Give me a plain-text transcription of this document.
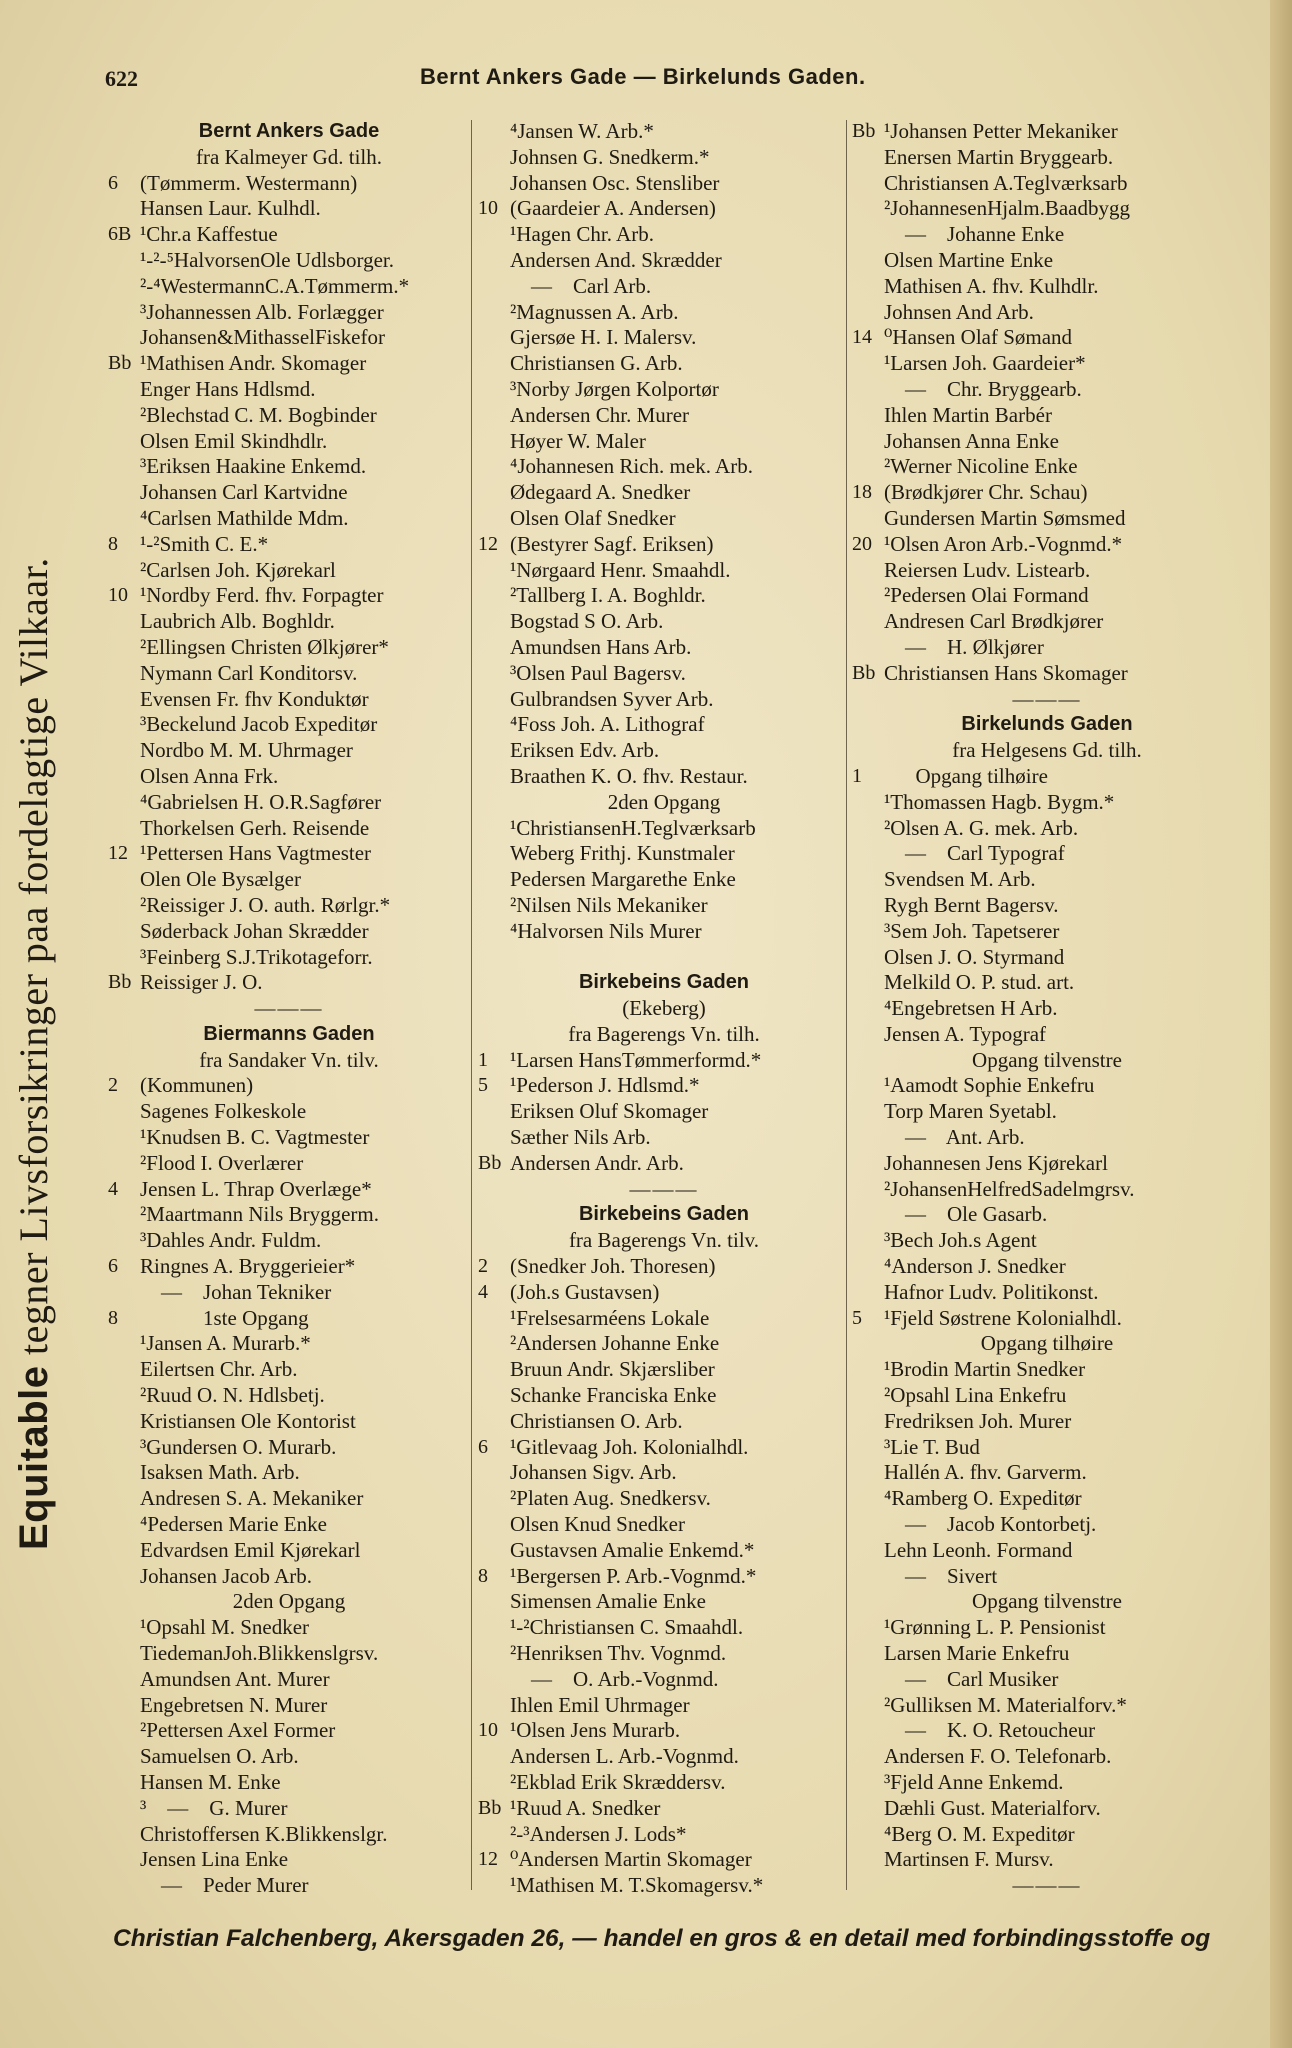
622	Bernt Ankers Gade — Birkelunds Gaden.
Equitable tegner Livsforsikringer paa fordelagtige Vilkaar.
Bernt Ankers Gade
fra Kalmeyer Gd. tilh.
6	(Tømmerm. Westermann)
Hansen Laur. Kulhdl.
6B ¹Chr.a Kaffestue
¹-²-⁵HalvorsenOle Udlsborger.
²-⁴WestermannC.A.Tømmerm.*
³Johannessen Alb. Forlægger
Johansen&MithasselFiskefor
Bb ¹Mathisen Andr. Skomager
Enger Hans Hdlsmd.
²Blechstad C. M. Bogbinder
Olsen Emil Skindhdlr.
³Eriksen Haakine Enkemd.
Johansen Carl Kartvidne
⁴Carlsen Mathilde Mdm.
8	¹-²Smith C. E.*
²Carlsen Joh. Kjørekarl
10 ¹Nordby Ferd. fhv. Forpagter
Laubrich Alb. Boghldr.
²Ellingsen Christen Ølkjører*
Nymann Carl Konditorsv.
Evensen Fr. fhv Konduktør
³Beckelund Jacob Expeditør
Nordbo M. M. Uhrmager
Olsen Anna Frk.
⁴Gabrielsen H. O.R.Sagfører
Thorkelsen Gerh. Reisende
12 ¹Pettersen Hans Vagtmester
Olen Ole Bysælger
²Reissiger J. O. auth. Rørlgr.*
Søderback Johan Skrædder
³Feinberg S.J.Trikotageforr.
Bb Reissiger J. O.
———
Biermanns Gaden
fra Sandaker Vn. tilv.
2	(Kommunen)
Sagenes Folkeskole
¹Knudsen B. C. Vagtmester
²Flood I. Overlærer
4	Jensen L. Thrap Overlæge*
²Maartmann Nils Bryggerm.
³Dahles Andr. Fuldm.
6	Ringnes A. Bryggerieier*
—    Johan Tekniker
8	1ste Opgang
¹Jansen A. Murarb.*
Eilertsen Chr. Arb.
²Ruud O. N. Hdlsbetj.
Kristiansen Ole Kontorist
³Gundersen O. Murarb.
Isaksen Math. Arb.
Andresen S. A. Mekaniker
⁴Pedersen Marie Enke
Edvardsen Emil Kjørekarl
Johansen Jacob Arb.
2den Opgang
¹Opsahl M. Snedker
TiedemanJoh.Blikkenslgrsv.
Amundsen Ant. Murer
Engebretsen N. Murer
²Pettersen Axel Former
Samuelsen O. Arb.
Hansen M. Enke
³    —    G. Murer
Christoffersen K.Blikkenslgr.
Jensen Lina Enke
—    Peder Murer
⁴Jansen W. Arb.*
Johnsen G. Snedkerm.*
Johansen Osc. Stensliber
10 (Gaardeier A. Andersen)
¹Hagen Chr. Arb.
Andersen And. Skrædder
—    Carl Arb.
²Magnussen A. Arb.
Gjersøe H. I. Malersv.
Christiansen G. Arb.
³Norby Jørgen Kolportør
Andersen Chr. Murer
Høyer W. Maler
⁴Johannesen Rich. mek. Arb.
Ødegaard A. Snedker
Olsen Olaf Snedker
12 (Bestyrer Sagf. Eriksen)
¹Nørgaard Henr. Smaahdl.
²Tallberg I. A. Boghldr.
Bogstad S O. Arb.
Amundsen Hans Arb.
³Olsen Paul Bagersv.
Gulbrandsen Syver Arb.
⁴Foss Joh. A. Lithograf
Eriksen Edv. Arb.
Braathen K. O. fhv. Restaur.
2den Opgang
¹ChristiansenH.Teglværksarb
Weberg Frithj. Kunstmaler
Pedersen Margarethe Enke
²Nilsen Nils Mekaniker
⁴Halvorsen Nils Murer
Birkebeins Gaden
(Ekeberg)
fra Bagerengs Vn. tilh.
1	¹Larsen HansTømmerformd.*
5	¹Pederson J. Hdlsmd.*
Eriksen Oluf Skomager
Sæther Nils Arb.
Bb Andersen Andr. Arb.
———
Birkebeins Gaden
fra Bagerengs Vn. tilv.
2	(Snedker Joh. Thoresen)
4	(Joh.s Gustavsen)
¹Frelsesarméens Lokale
²Andersen Johanne Enke
Bruun Andr. Skjærsliber
Schanke Franciska Enke
Christiansen O. Arb.
6	¹Gitlevaag Joh. Kolonialhdl.
Johansen Sigv. Arb.
²Platen Aug. Snedkersv.
Olsen Knud Snedker
Gustavsen Amalie Enkemd.*
8	¹Bergersen P. Arb.-Vognmd.*
Simensen Amalie Enke
¹-²Christiansen C. Smaahdl.
²Henriksen Thv. Vognmd.
—    O. Arb.-Vognmd.
Ihlen Emil Uhrmager
10 ¹Olsen Jens Murarb.
Andersen L. Arb.-Vognmd.
²Ekblad Erik Skræddersv.
Bb ¹Ruud A. Snedker
²-³Andersen J. Lods*
12 ⁰Andersen Martin Skomager
¹Mathisen M. T.Skomagersv.*
Bb ¹Johansen Petter Mekaniker
Enersen Martin Bryggearb.
Christiansen A.Teglværksarb
²JohannesenHjalm.Baadbygg
—    Johanne Enke
Olsen Martine Enke
Mathisen A. fhv. Kulhdlr.
Johnsen And Arb.
14 ⁰Hansen Olaf Sømand
¹Larsen Joh. Gaardeier*
—    Chr. Bryggearb.
Ihlen Martin Barbér
Johansen Anna Enke
²Werner Nicoline Enke
18 (Brødkjører Chr. Schau)
Gundersen Martin Sømsmed
20 ¹Olsen Aron Arb.-Vognmd.*
Reiersen Ludv. Listearb.
²Pedersen Olai Formand
Andresen Carl Brødkjører
—    H. Ølkjører
Bb Christiansen Hans Skomager
———
Birkelunds Gaden
fra Helgesens Gd. tilh.
1	Opgang tilhøire
¹Thomassen Hagb. Bygm.*
²Olsen A. G. mek. Arb.
—    Carl Typograf
Svendsen M. Arb.
Rygh Bernt Bagersv.
³Sem Joh. Tapetserer
Olsen J. O. Styrmand
Melkild O. P. stud. art.
⁴Engebretsen H Arb.
Jensen A. Typograf
Opgang tilvenstre
¹Aamodt Sophie Enkefru
Torp Maren Syetabl.
—    Ant. Arb.
Johannesen Jens Kjørekarl
²JohansenHelfredSadelmgrsv.
—    Ole Gasarb.
³Bech Joh.s Agent
⁴Anderson J. Snedker
Hafnor Ludv. Politikonst.
5	¹Fjeld Søstrene Kolonialhdl.
Opgang tilhøire
¹Brodin Martin Snedker
²Opsahl Lina Enkefru
Fredriksen Joh. Murer
³Lie T. Bud
Hallén A. fhv. Garverm.
⁴Ramberg O. Expeditør
—    Jacob Kontorbetj.
Lehn Leonh. Formand
—    Sivert
Opgang tilvenstre
¹Grønning L. P. Pensionist
Larsen Marie Enkefru
—    Carl Musiker
²Gulliksen M. Materialforv.*
—    K. O. Retoucheur
Andersen F. O. Telefonarb.
³Fjeld Anne Enkemd.
Dæhli Gust. Materialforv.
⁴Berg O. M. Expeditør
Martinsen F. Mursv.
———
Christian Falchenberg, Akersgaden 26, — handel en gros & en detail med forbindingsstoffe og
